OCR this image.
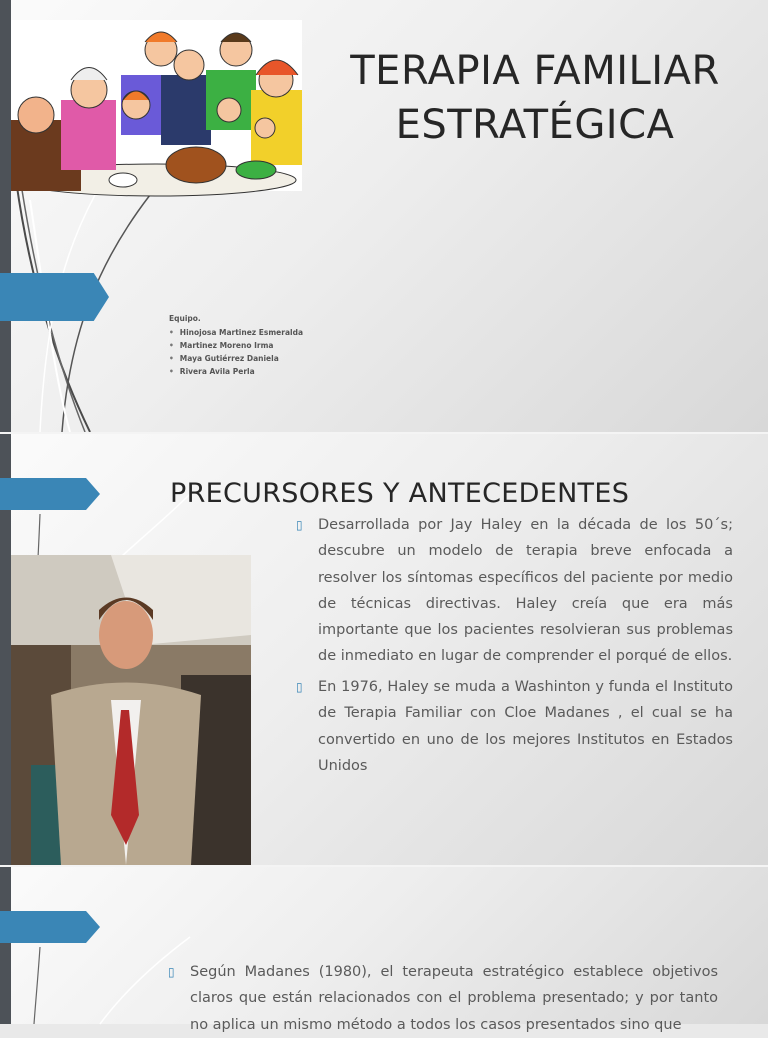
TERAPIA FAMILIAR
ESTRATÉGICA
Equipo.
• Hinojosa Martinez Esmeralda
• Martinez Moreno Irma
• Maya Gutiérrez Daniela
• Rivera Avila Perla
PRECURSORES Y ANTECEDENTES
▯ Desarrollada por Jay Haley en la década de los 50´s; descubre un modelo de terapia breve enfocada a resolver los síntomas específicos del paciente por medio de técnicas directivas. Haley creía que era más importante que los pacientes resolvieran sus problemas de inmediato en lugar de comprender el porqué de ellos.
▯ En 1976, Haley se muda a Washinton y funda el Instituto de Terapia Familiar con Cloe Madanes , el cual se ha convertido en uno de los mejores Institutos en Estados Unidos
▯ Según Madanes (1980), el terapeuta estratégico establece objetivos claros que están relacionados con el problema presentado; y por tanto no aplica un mismo método a todos los casos presentados sino que
